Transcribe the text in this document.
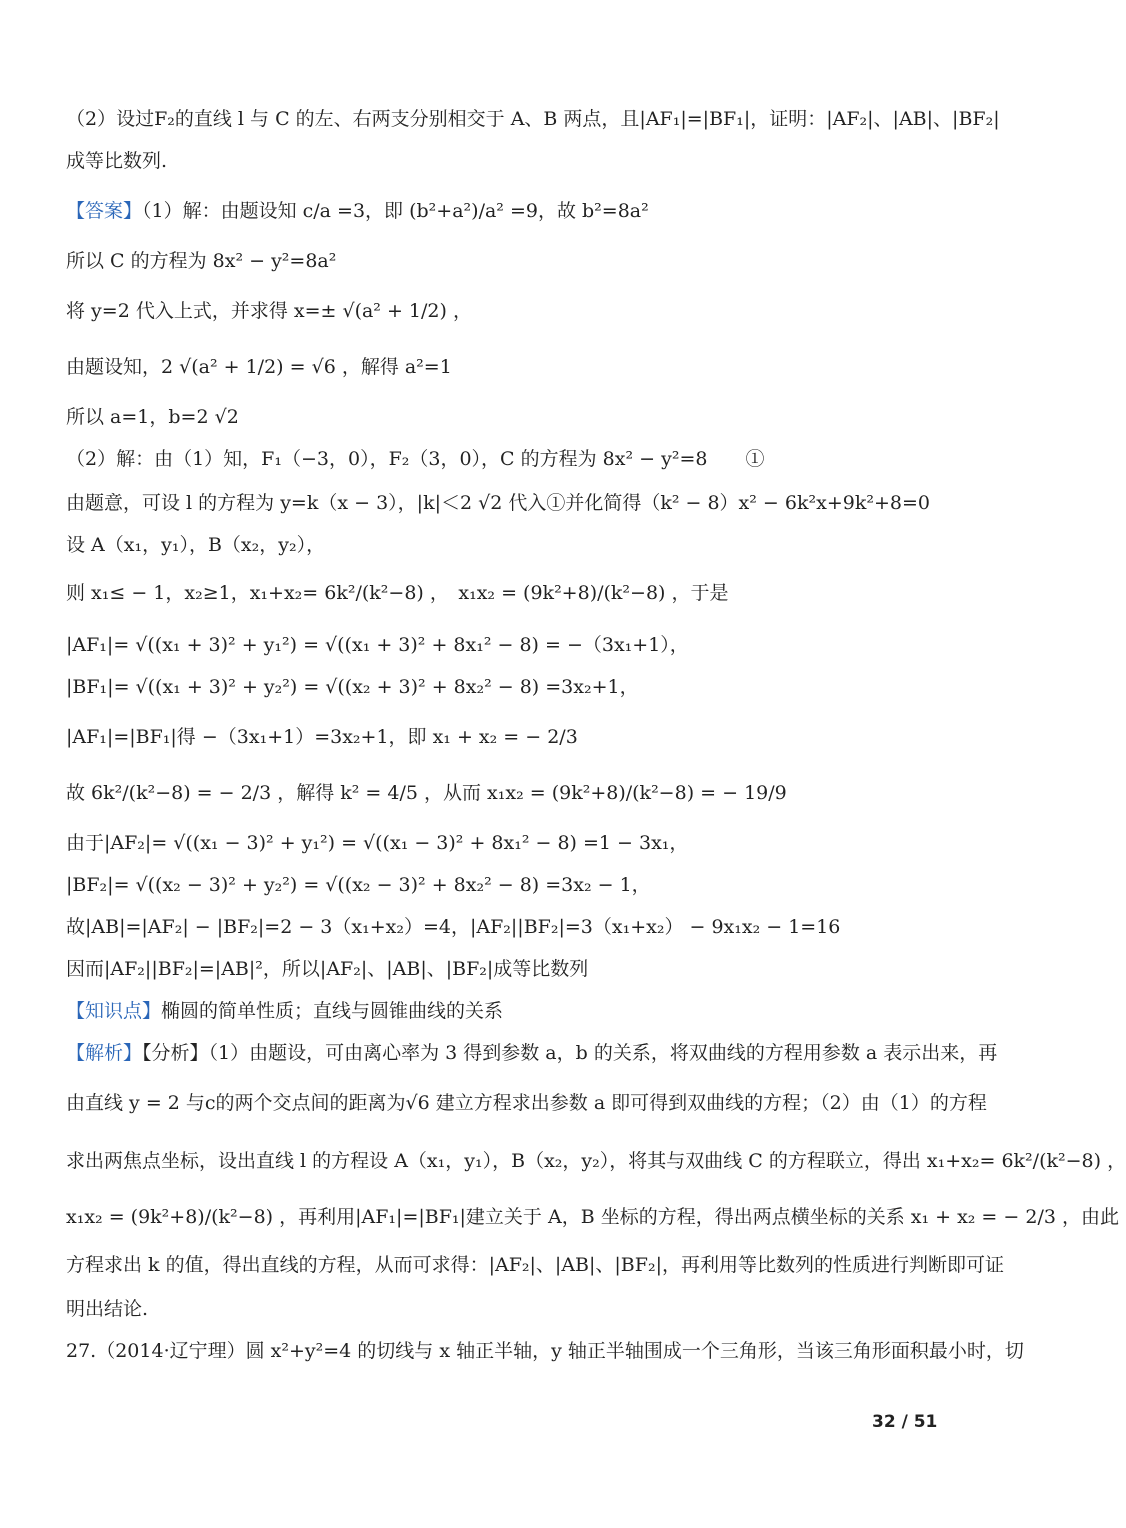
（2）设过F₂的直线 l 与 C 的左、右两支分别相交于 A、B 两点，且|AF₁|=|BF₁|，证明：|AF₂|、|AB|、|BF₂|
成等比数列.
【答案】（1）解：由题设知 c/a =3，即 (b²+a²)/a² =9，故 b²=8a²
所以 C 的方程为 8x² − y²=8a²
将 y=2 代入上式，并求得 x=± √(a² + 1/2) ，
由题设知，2 √(a² + 1/2) = √6 ，解得 a²=1
所以 a=1，b=2 √2
（2）解：由（1）知，F₁（−3，0），F₂（3，0），C 的方程为 8x² − y²=8　　①
由题意，可设 l 的方程为 y=k（x − 3），|k|＜2 √2 代入①并化简得（k² − 8）x² − 6k²x+9k²+8=0
设 A（x₁，y₁），B（x₂，y₂），
则 x₁≤ − 1，x₂≥1，x₁+x₂= 6k²/(k²−8) ，　x₁x₂ = (9k²+8)/(k²−8) ，于是
|AF₁|= √((x₁ + 3)² + y₁²) = √((x₁ + 3)² + 8x₁² − 8) = −（3x₁+1），
|BF₁|= √((x₁ + 3)² + y₂²) = √((x₂ + 3)² + 8x₂² − 8) =3x₂+1，
|AF₁|=|BF₁|得 −（3x₁+1）=3x₂+1，即 x₁ + x₂ = − 2/3
故 6k²/(k²−8) = − 2/3 ，解得 k² = 4/5 ，从而 x₁x₂ = (9k²+8)/(k²−8) = − 19/9
由于|AF₂|= √((x₁ − 3)² + y₁²) = √((x₁ − 3)² + 8x₁² − 8) =1 − 3x₁，
|BF₂|= √((x₂ − 3)² + y₂²) = √((x₂ − 3)² + 8x₂² − 8) =3x₂ − 1，
故|AB|=|AF₂| − |BF₂|=2 − 3（x₁+x₂）=4，|AF₂||BF₂|=3（x₁+x₂） − 9x₁x₂ − 1=16
因而|AF₂||BF₂|=|AB|²，所以|AF₂|、|AB|、|BF₂|成等比数列
【知识点】椭圆的简单性质；直线与圆锥曲线的关系
【解析】【分析】（1）由题设，可由离心率为 3 得到参数 a，b 的关系，将双曲线的方程用参数 a 表示出来，再
由直线 y = 2 与c的两个交点间的距离为√6 建立方程求出参数 a 即可得到双曲线的方程；（2）由（1）的方程
求出两焦点坐标，设出直线 l 的方程设 A（x₁，y₁），B（x₂，y₂），将其与双曲线 C 的方程联立，得出 x₁+x₂= 6k²/(k²−8) ，
x₁x₂ = (9k²+8)/(k²−8) ，再利用|AF₁|=|BF₁|建立关于 A，B 坐标的方程，得出两点横坐标的关系 x₁ + x₂ = − 2/3 ，由此
方程求出 k 的值，得出直线的方程，从而可求得：|AF₂|、|AB|、|BF₂|，再利用等比数列的性质进行判断即可证
明出结论.
27.（2014·辽宁理）圆 x²+y²=4 的切线与 x 轴正半轴，y 轴正半轴围成一个三角形，当该三角形面积最小时，切
32 / 51
